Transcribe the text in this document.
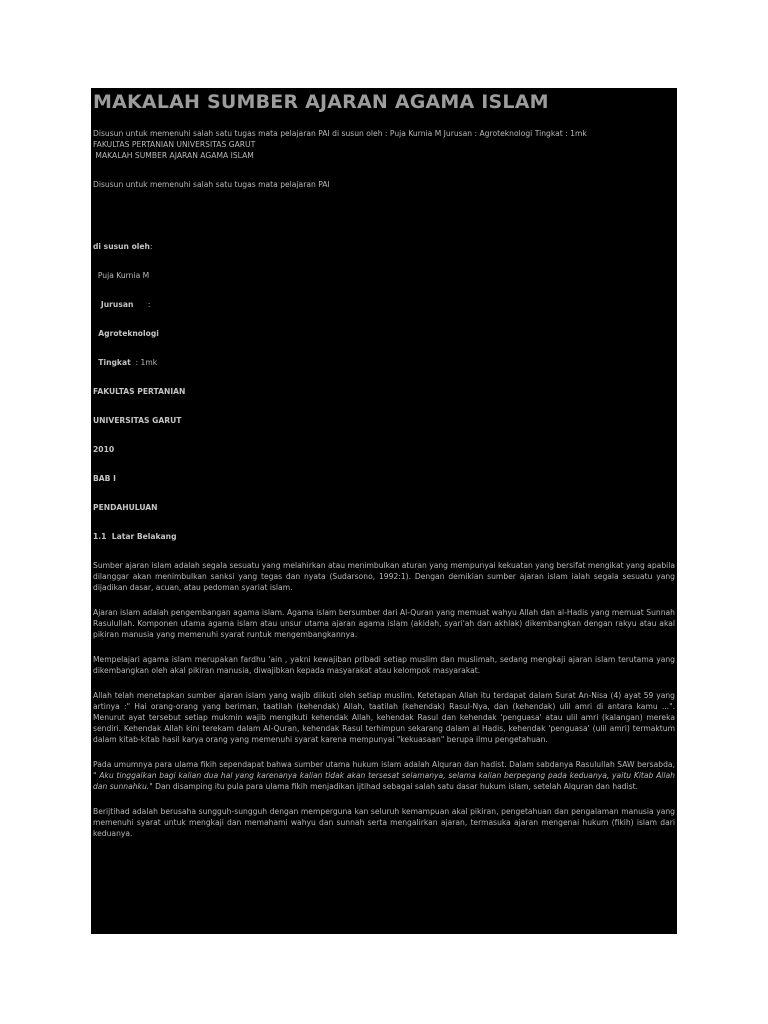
MAKALAH SUMBER AJARAN AGAMA ISLAM
Disusun untuk memenuhi salah satu tugas mata pelajaran PAI di susun oleh : Puja Kurnia M Jurusan : Agroteknologi Tingkat : 1mk
FAKULTAS PERTANIAN UNIVERSITAS GARUT
MAKALAH SUMBER AJARAN AGAMA ISLAM
Disusun untuk memenuhi salah satu tugas mata pelajaran PAI
di susun oleh:
Puja Kurnia M
Jurusan      :
Agroteknologi
Tingkat  : 1mk
FAKULTAS PERTANIAN
UNIVERSITAS GARUT
2010
BAB I
PENDAHULUAN
1.1  Latar Belakang

Sumber ajaran islam adalah segala sesuatu yang melahirkan atau menimbulkan aturan yang mempunyai kekuatan yang bersifat mengikat yang apabila dilanggar akan menimbulkan sanksi yang tegas dan nyata (Sudarsono, 1992:1). Dengan demikian sumber ajaran islam ialah segala sesuatu yang dijadikan dasar, acuan, atau pedoman syariat islam.

Ajaran islam adalah pengembangan agama islam. Agama islam bersumber dari Al-Quran yang memuat wahyu Allah dan al-Hadis yang memuat Sunnah Rasulullah. Komponen utama agama islam atau unsur utama ajaran agama islam (akidah, syari'ah dan akhlak) dikembangkan dengan rakyu atau akal pikiran manusia yang memenuhi syarat runtuk mengembangkannya.

Mempelajari agama islam merupakan fardhu 'ain , yakni kewajiban pribadi setiap muslim dan muslimah, sedang mengkaji ajaran islam terutama yang dikembangkan oleh akal pikiran manusia, diwajibkan kepada masyarakat atau kelompok masyarakat.

Allah telah menetapkan sumber ajaran islam yang wajib diikuti oleh setiap muslim. Ketetapan Allah itu terdapat dalam Surat An-Nisa (4) ayat 59 yang artinya :" Hai orang-orang yang beriman, taatilah (kehendak) Allah, taatilah (kehendak) Rasul-Nya, dan (kehendak) ulil amri di antara kamu ...". Menurut ayat tersebut setiap mukmin wajib mengikuti kehendak Allah, kehendak Rasul dan kehendak 'penguasa' atau ulil amri (kalangan) mereka sendiri. Kehendak Allah kini terekam dalam Al-Quran, kehendak Rasul terhimpun sekarang dalam al Hadis, kehendak 'penguasa' (ulil amri) termaktum dalam kitab-kitab hasil karya orang yang memenuhi syarat karena mempunyai "kekuasaan" berupa ilmu pengetahuan.

Pada umumnya para ulama fikih sependapat bahwa sumber utama hukum islam adalah Alquran dan hadist. Dalam sabdanya Rasulullah SAW bersabda, " Aku tinggalkan bagi kalian dua hal yang karenanya kalian tidak akan tersesat selamanya, selama kalian berpegang pada keduanya, yaitu Kitab Allah dan sunnahku." Dan disamping itu pula para ulama fikih menjadikan ijtihad sebagai salah satu dasar hukum islam, setelah Alquran dan hadist.

Berijtihad adalah berusaha sungguh-sungguh dengan memperguna kan seluruh kemampuan akal pikiran, pengetahuan dan pengalaman manusia yang memenuhi syarat untuk mengkaji dan memahami wahyu dan sunnah serta mengalirkan ajaran, termasuka ajaran mengenai hukum (fikih) islam dari keduanya.
